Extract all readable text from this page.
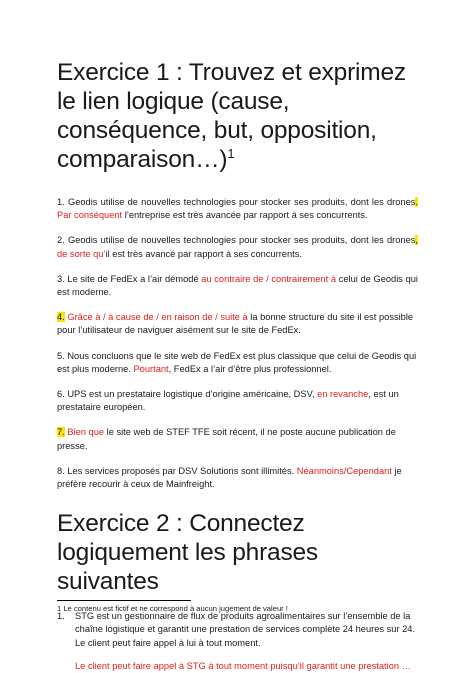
Exercice 1 : Trouvez et exprimez le lien logique (cause, conséquence, but, opposition, comparaison…)$^1$

1. Geodis utilise de nouvelles technologies pour stocker ses produits, dont les drones. Par conséquent l’entreprise est très avancée par rapport à ses concurrents.

2. Geodis utilise de nouvelles technologies pour stocker ses produits, dont les drones, de sorte qu’il est très avancé par rapport à ses concurrents.

3. Le site de FedEx a l’air démodé au contraire de / contrairement à celui de Geodis qui est moderne.

4. Grâce à / à cause de / en raison de / suite à la bonne structure du site il est possible pour l’utilisateur de naviguer aisément sur le site de FedEx.

5. Nous concluons que le site web de FedEx est plus classique que celui de Geodis qui est plus moderne. Pourtant, FedEx a l’air d’être plus professionnel.

6. UPS est un prestataire logistique d’origine américaine, DSV, en revanche, est un prestataire européen.

7. Bien que le site web de STEF TFE soit récent, il ne poste aucune publication de presse.

8. Les services proposés par DSV Solutions sont illimités. Néanmoins/Cependant je préfère recourir à ceux de Mainfreight.

Exercice 2 : Connectez logiquement les phrases suivantes
1.	STG est un gestionnaire de flux de produits agroalimentaires sur l’ensemble de la chaîne logistique et garantit une prestation de services complète 24 heures sur 24. Le client peut faire appel à lui à tout moment.

Le client peut faire appel à STG à tout moment puisqu’il garantit une prestation …

1 Le contenu est fictif et ne correspond à aucun jugement de valeur !
